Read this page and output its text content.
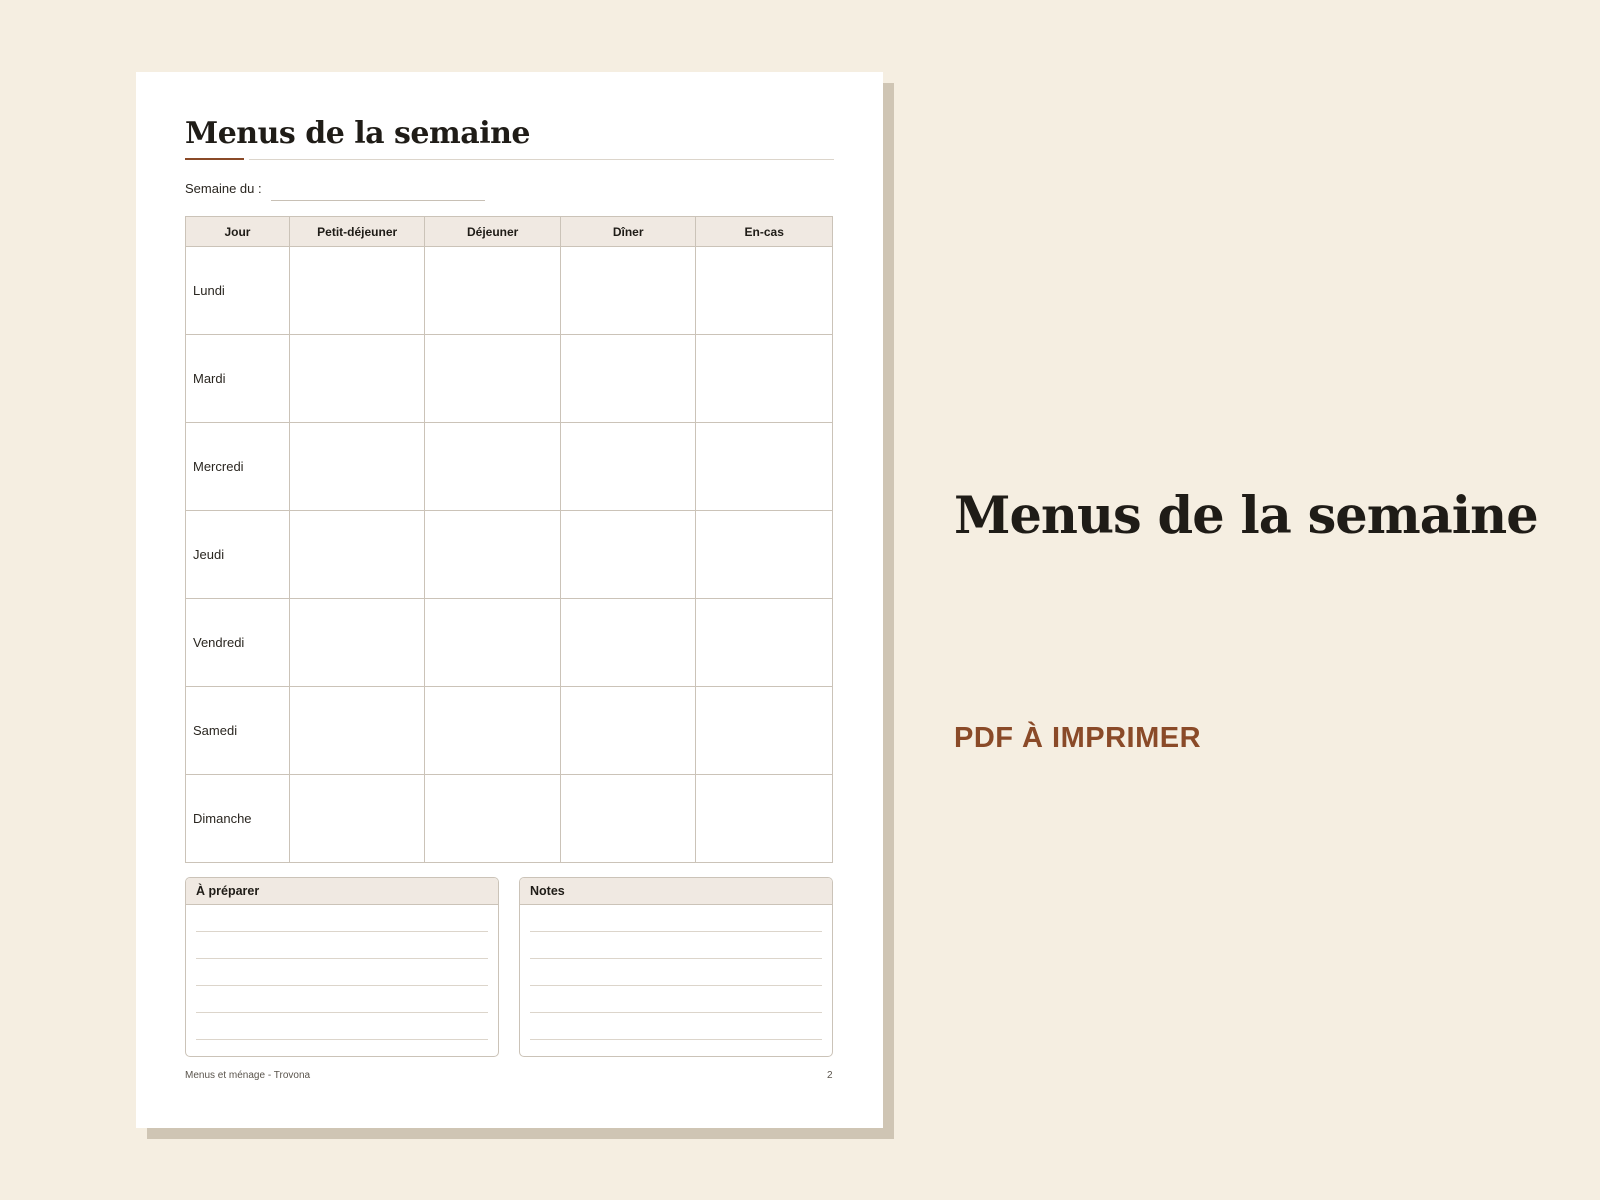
Menus de la semaine
Semaine du :
Jour	Petit-déjeuner	Déjeuner	Dîner	En-cas
Lundi				
Mardi				
Mercredi				
Jeudi				
Vendredi				
Samedi				
Dimanche				
À préparer	Notes
Menus et ménage - Trovona	2
Menus de la semaine
PDF À IMPRIMER
